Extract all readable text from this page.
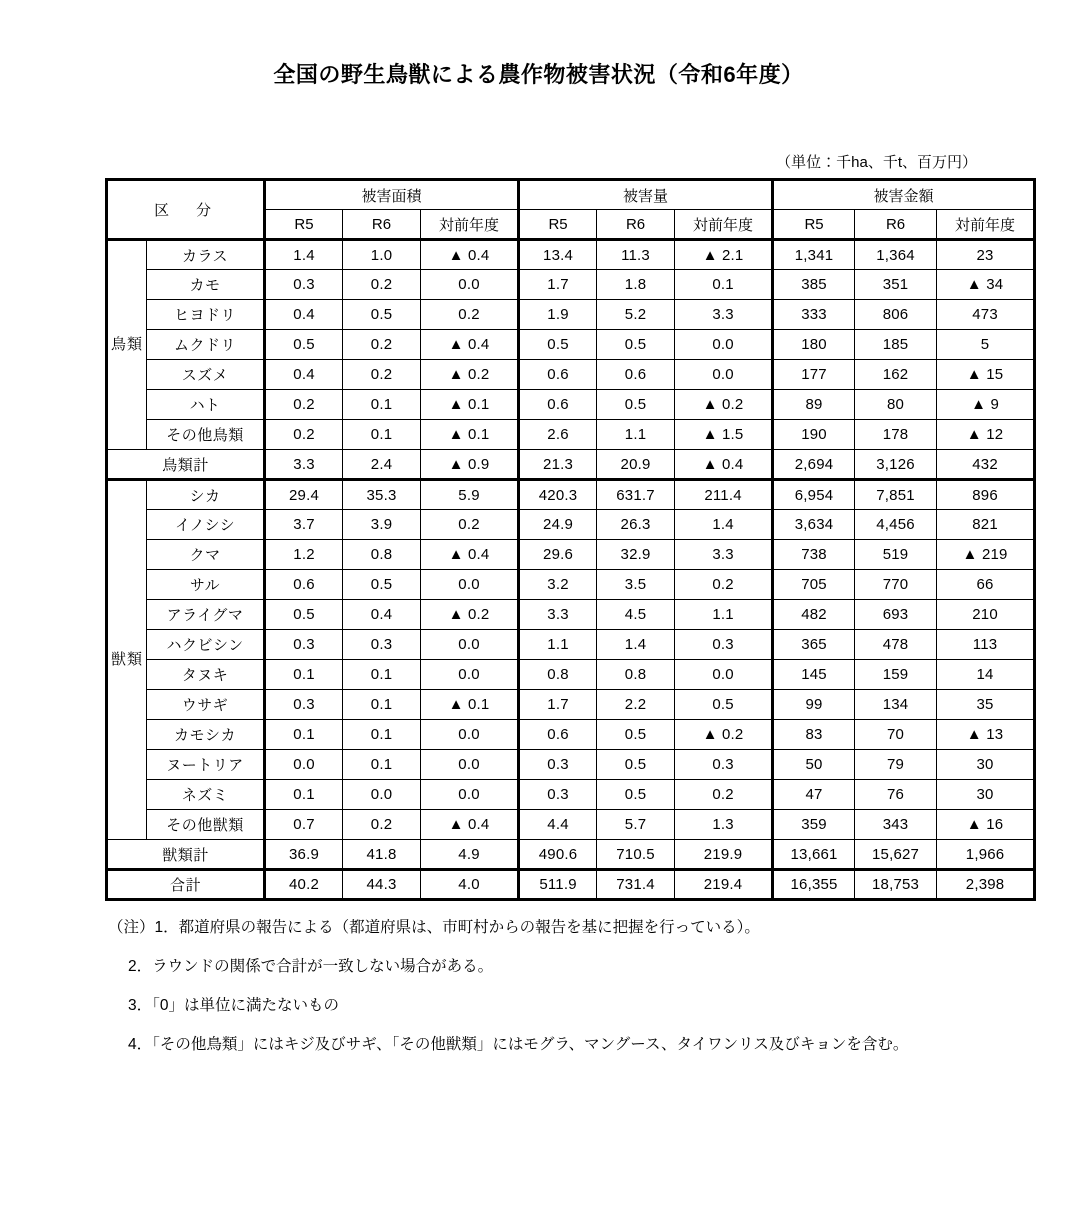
全国の野生鳥獣による農作物被害状況（令和6年度）
（単位：千ha、千t、百万円）
区　分		被害面積			被害量			被害金額		
		R5	R6	対前年度	R5	R6	対前年度	R5	R6	対前年度
鳥類	カラス	1.4	1.0	▲ 0.4	13.4	11.3	▲ 2.1	1,341	1,364	23
	カモ	0.3	0.2	0.0	1.7	1.8	0.1	385	351	▲ 34
	ヒヨドリ	0.4	0.5	0.2	1.9	5.2	3.3	333	806	473
	ムクドリ	0.5	0.2	▲ 0.4	0.5	0.5	0.0	180	185	5
	スズメ	0.4	0.2	▲ 0.2	0.6	0.6	0.0	177	162	▲ 15
	ハト	0.2	0.1	▲ 0.1	0.6	0.5	▲ 0.2	89	80	▲ 9
	その他鳥類	0.2	0.1	▲ 0.1	2.6	1.1	▲ 1.5	190	178	▲ 12
鳥類計		3.3	2.4	▲ 0.9	21.3	20.9	▲ 0.4	2,694	3,126	432
獣類	シカ	29.4	35.3	5.9	420.3	631.7	211.4	6,954	7,851	896
	イノシシ	3.7	3.9	0.2	24.9	26.3	1.4	3,634	4,456	821
	クマ	1.2	0.8	▲ 0.4	29.6	32.9	3.3	738	519	▲ 219
	サル	0.6	0.5	0.0	3.2	3.5	0.2	705	770	66
	アライグマ	0.5	0.4	▲ 0.2	3.3	4.5	1.1	482	693	210
	ハクビシン	0.3	0.3	0.0	1.1	1.4	0.3	365	478	113
	タヌキ	0.1	0.1	0.0	0.8	0.8	0.0	145	159	14
	ウサギ	0.3	0.1	▲ 0.1	1.7	2.2	0.5	99	134	35
	カモシカ	0.1	0.1	0.0	0.6	0.5	▲ 0.2	83	70	▲ 13
	ヌートリア	0.0	0.1	0.0	0.3	0.5	0.3	50	79	30
	ネズミ	0.1	0.0	0.0	0.3	0.5	0.2	47	76	30
	その他獣類	0.7	0.2	▲ 0.4	4.4	5.7	1.3	359	343	▲ 16
獣類計		36.9	41.8	4.9	490.6	710.5	219.9	13,661	15,627	1,966
合計		40.2	44.3	4.0	511.9	731.4	219.4	16,355	18,753	2,398
（注）1．都道府県の報告による（都道府県は、市町村からの報告を基に把握を行っている）。
2．ラウンドの関係で合計が一致しない場合がある。
3．「0」は単位に満たないもの
4．「その他鳥類」にはキジ及びサギ、「その他獣類」にはモグラ、マングース、タイワンリス及びキョンを含む。
